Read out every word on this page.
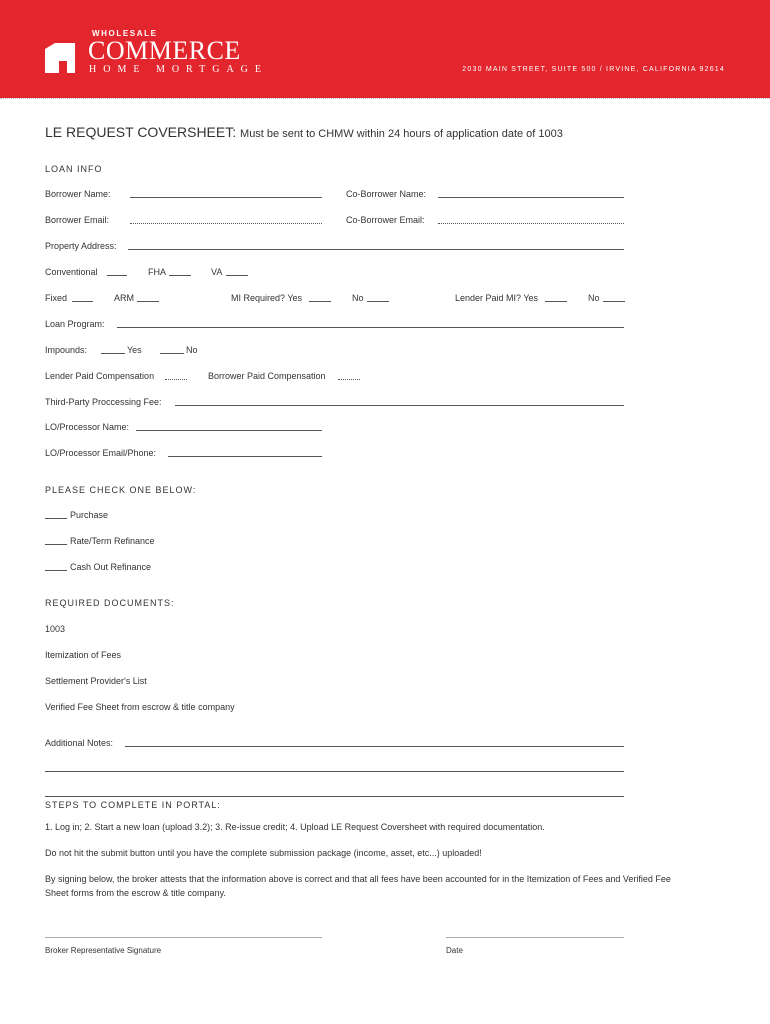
WHOLESALE
COMMERCE
HOME MORTGAGE	2030 MAIN STREET, SUITE 500 / IRVINE, CALIFORNIA 92614
LE REQUEST COVERSHEET: Must be sent to CHMW within 24 hours of application date of 1003
LOAN INFO
Borrower Name:	Co-Borrower Name:
Borrower Email:	Co-Borrower Email:
Property Address:
Conventional	FHA	VA
Fixed	ARM	MI Required? Yes	No	Lender Paid MI? Yes	No
Loan Program:
Impounds:	Yes	No
Lender Paid Compensation	Borrower Paid Compensation
Third-Party Proccessing Fee:
LO/Processor Name:
LO/Processor Email/Phone:
PLEASE CHECK ONE BELOW:
Purchase
Rate/Term Refinance
Cash Out Refinance
REQUIRED DOCUMENTS:
1003
Itemization of Fees
Settlement Provider's List
Verified Fee Sheet from escrow & title company
Additional Notes:
STEPS TO COMPLETE IN PORTAL:
1. Log in; 2. Start a new loan (upload 3.2); 3. Re-issue credit; 4. Upload LE Request Coversheet with required documentation.
Do not hit the submit button until you have the complete submission package (income, asset, etc...) uploaded!
By signing below, the broker attests that the information above is correct and that all fees have been accounted for in the Itemization of Fees and Verified Fee Sheet forms from the escrow & title company.
Broker Representative Signature	Date
